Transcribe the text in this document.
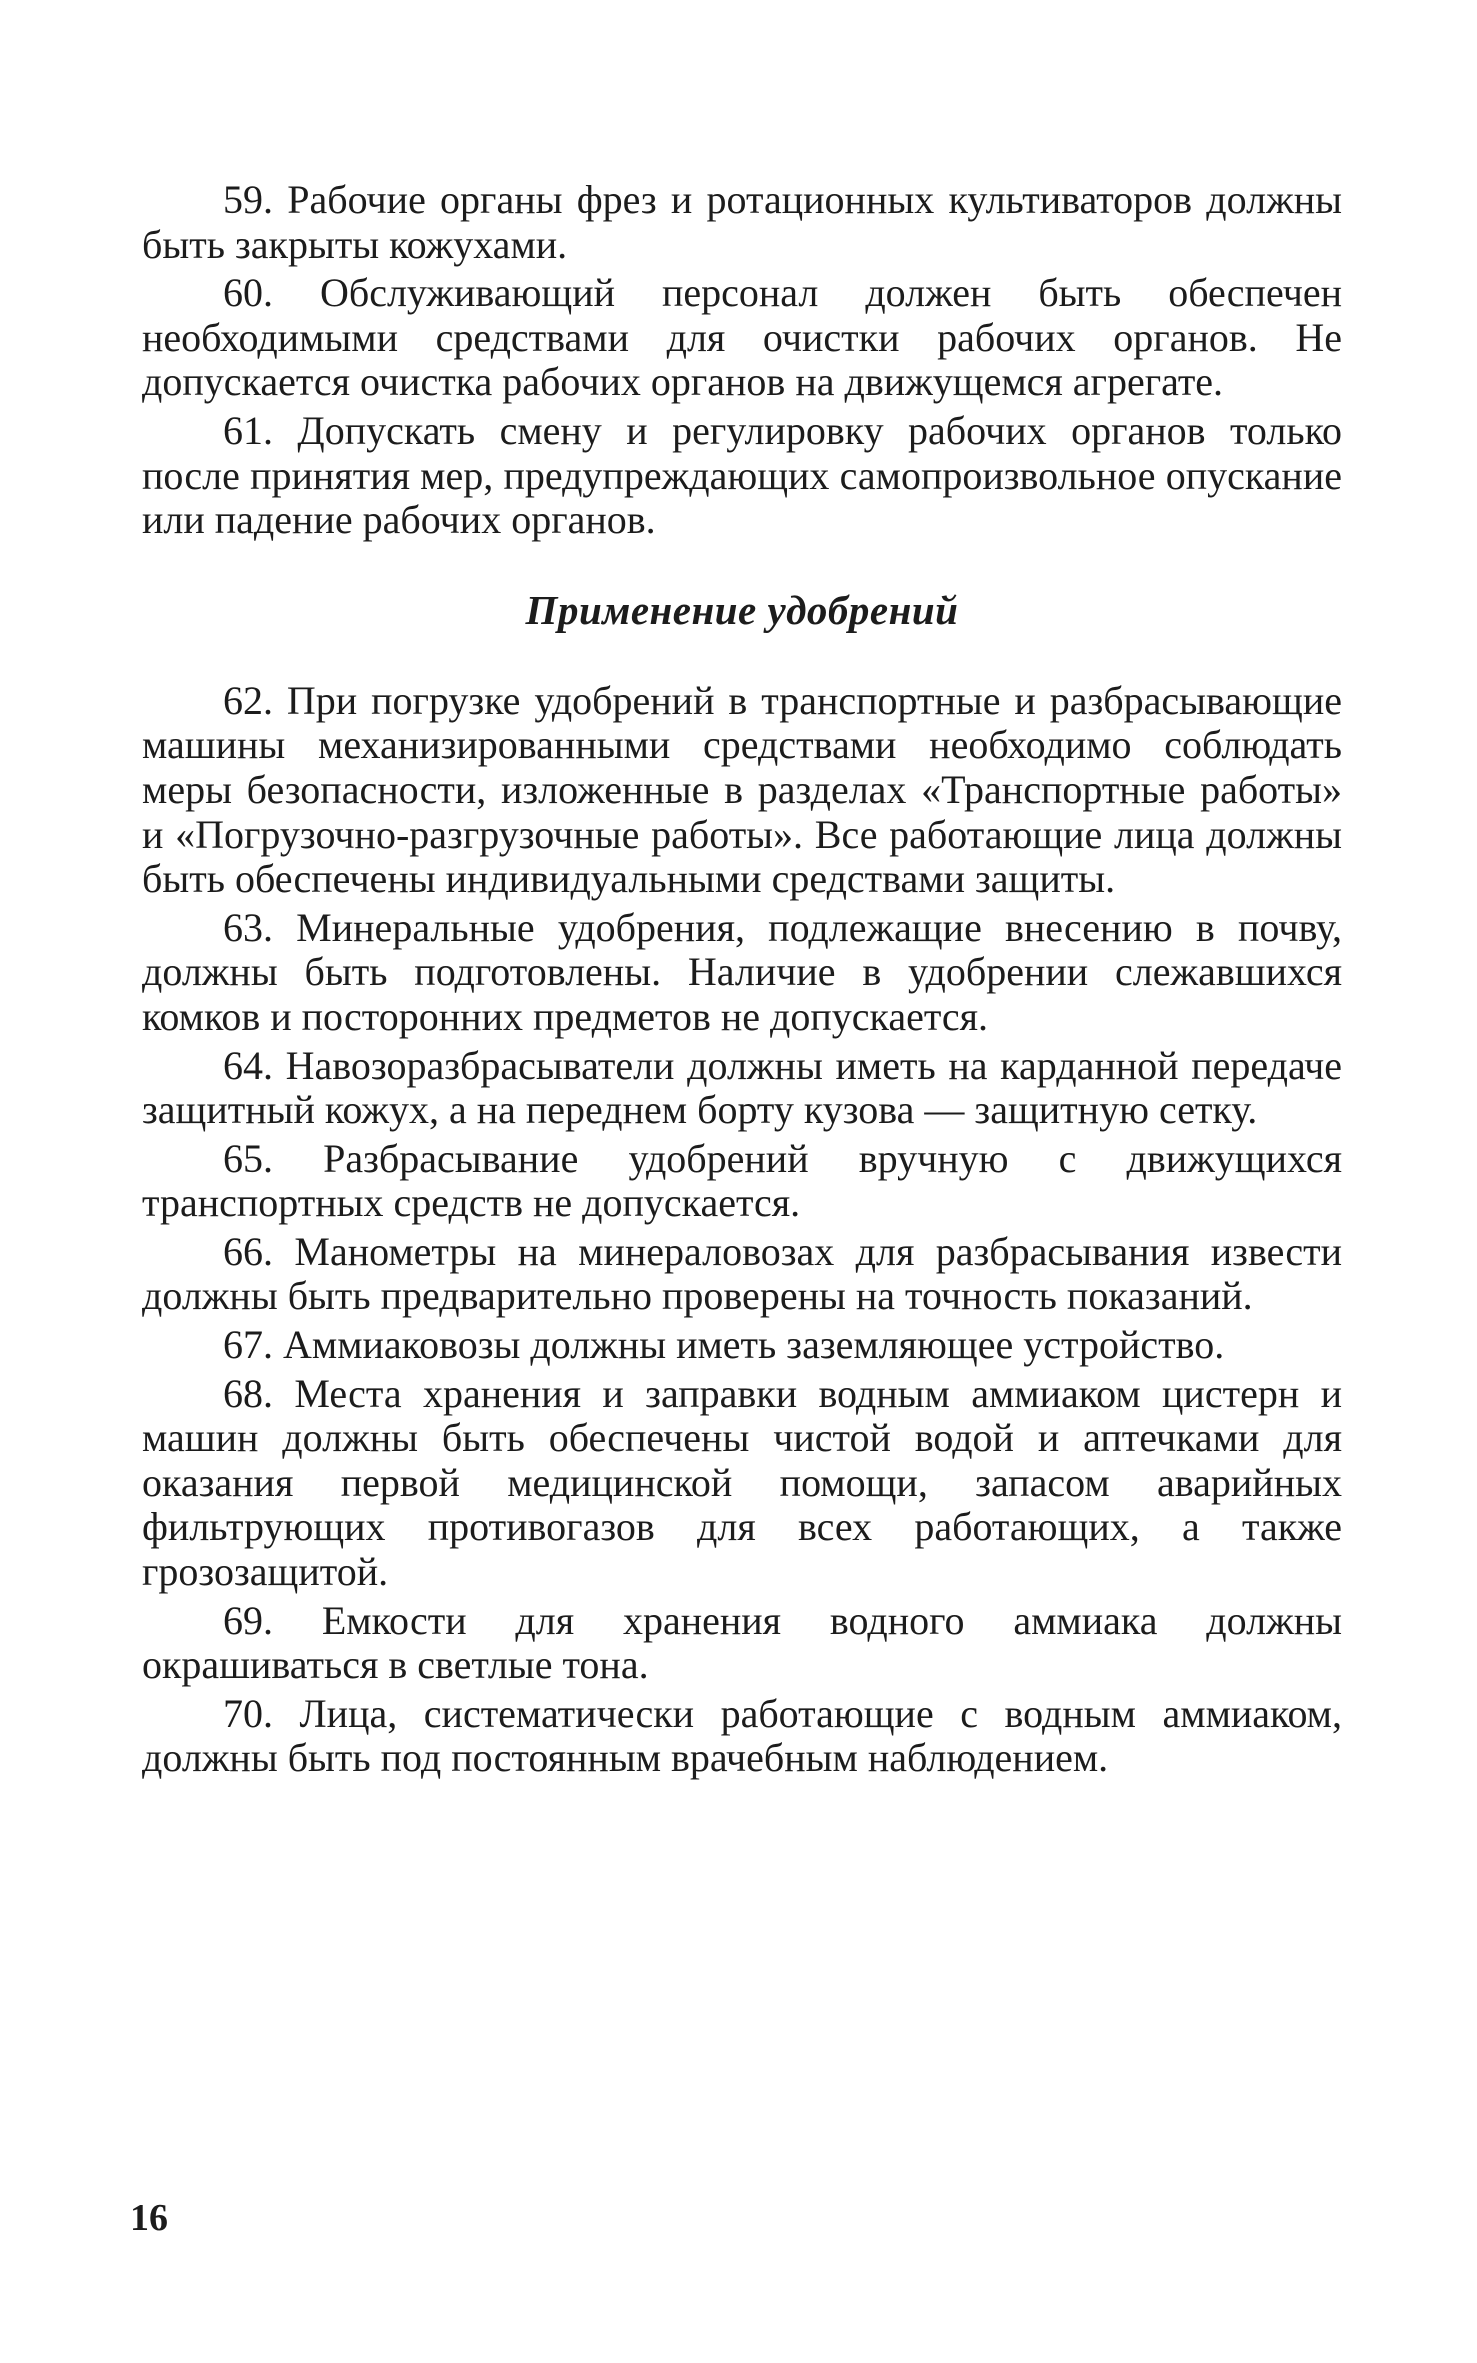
59. Рабочие органы фрез и ротационных культиваторов должны быть закрыты кожухами.

60. Обслуживающий персонал должен быть обеспечен необходимыми средствами для очистки рабочих органов. Не допускается очистка рабочих органов на движущемся агрегате.

61. Допускать смену и регулировку рабочих органов только после принятия мер, предупреждающих самопроизвольное опускание или падение рабочих органов.

Применение удобрений

62. При погрузке удобрений в транспортные и разбрасывающие машины механизированными средствами необходимо соблюдать меры безопасности, изложенные в разделах «Транспортные работы» и «Погрузочно-разгрузочные работы». Все работающие лица должны быть обеспечены индивидуальными средствами защиты.

63. Минеральные удобрения, подлежащие внесению в почву, должны быть подготовлены. Наличие в удобрении слежавшихся комков и посторонних предметов не допускается.

64. Навозоразбрасыватели должны иметь на карданной передаче защитный кожух, а на переднем борту кузова — защитную сетку.

65. Разбрасывание удобрений вручную с движущихся транспортных средств не допускается.

66. Манометры на минераловозах для разбрасывания извести должны быть предварительно проверены на точность показаний.

67. Аммиаковозы должны иметь заземляющее устройство.

68. Места хранения и заправки водным аммиаком цистерн и машин должны быть обеспечены чистой водой и аптечками для оказания первой медицинской помощи, запасом аварийных фильтрующих противогазов для всех работающих, а также грозозащитой.

69. Емкости для хранения водного аммиака должны окрашиваться в светлые тона.

70. Лица, систематически работающие с водным аммиаком, должны быть под постоянным врачебным наблюдением.

16
